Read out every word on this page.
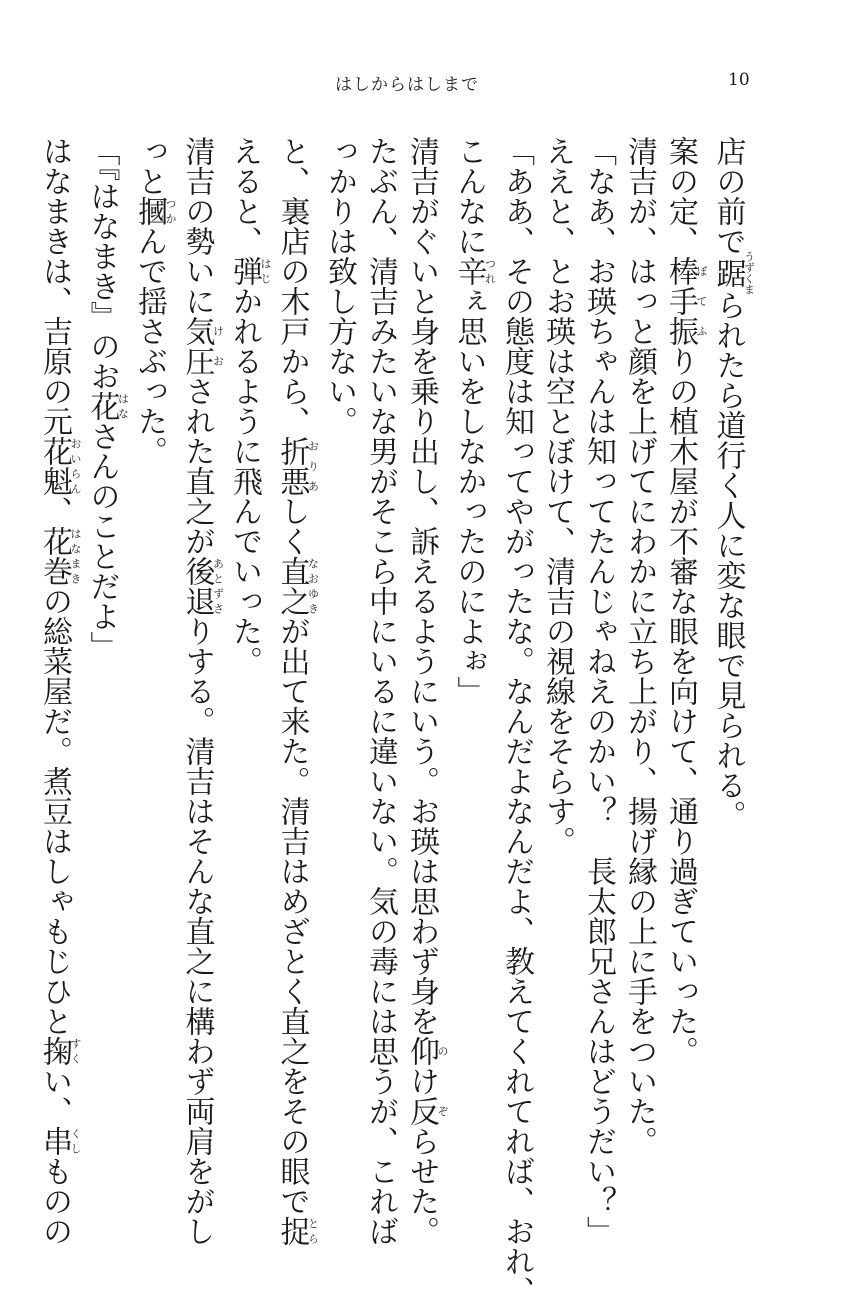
はしからはしまで	10

店の前で踞うずくまられたら道行く人に変な眼で見られる。

案の定、棒手振ぼてふりの植木屋が不審な眼を向けて、通り過ぎていった。

清吉が、はっと顔を上げてにわかに立ち上がり、揚げ縁の上に手をついた。

「なあ、お瑛ちゃんは知ってたんじゃねえのかい？　長太郎兄さんはどうだい？」

ええと、とお瑛は空とぼけて、清吉の視線をそらす。

「ああ、その態度は知ってやがったな。なんだよなんだよ、教えてくれてれば、おれ、

こんなに辛つれぇ思いをしなかったのによぉ」

清吉がぐいと身を乗り出し、訴えるようにいう。お瑛は思わず身を仰のけ反ぞらせた。

たぶん、清吉みたいな男がそこら中にいるに違いない。気の毒には思うが、これば

っかりは致し方ない。

と、裏店の木戸から、折悪おりあしく直之なおゆきが出て来た。清吉はめざとく直之をその眼で捉とら

えると、弾はじかれるように飛んでいった。

清吉の勢いに気圧けおされた直之が後退あとずさりする。清吉はそんな直之に構わず両肩をがし

っと摑つかんで揺さぶった。

「『はなまき』のお花はなさんのことだよ」

はなまきは、吉原の元花魁おいらん、花巻はなまきの総菜屋だ。煮豆はしゃもじひと掬すくい、串くしものの
